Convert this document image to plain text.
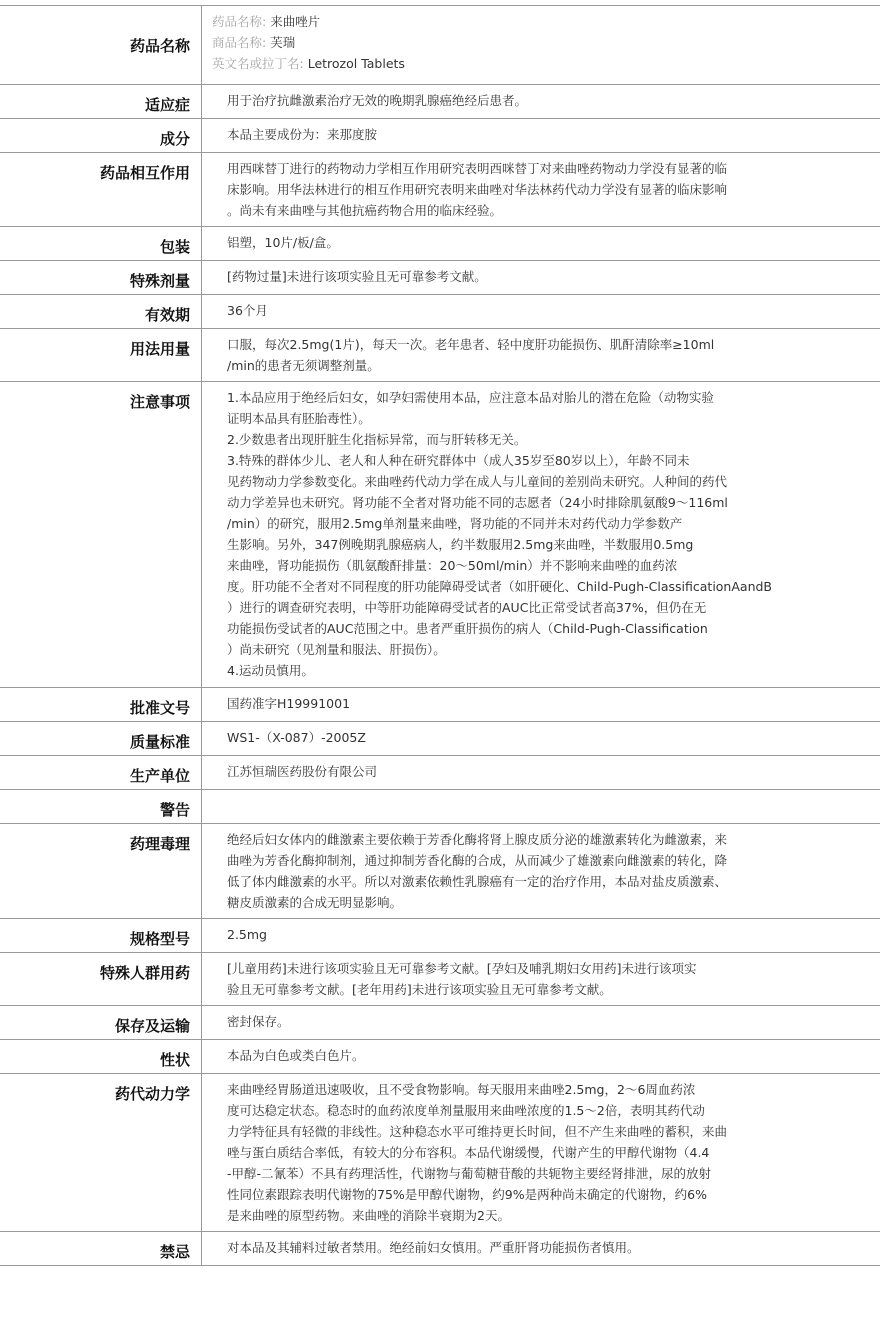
药品名称
药品名称: 来曲唑片
商品名称: 芙瑞
英文名或拉丁名: Letrozol Tablets
适应症	用于治疗抗雌激素治疗无效的晚期乳腺癌绝经后患者。
成分	本品主要成份为：来那度胺
药品相互作用	用西咪替丁进行的药物动力学相互作用研究表明西咪替丁对来曲唑药物动力学没有显著的临
床影响。用华法林进行的相互作用研究表明来曲唑对华法林药代动力学没有显著的临床影响
。尚未有来曲唑与其他抗癌药物合用的临床经验。
包装	铝塑，10片/板/盒。
特殊剂量	[药物过量]未进行该项实验且无可靠参考文献。
有效期	36个月
用法用量	口服，每次2.5mg(1片)，每天一次。老年患者、轻中度肝功能损伤、肌酐清除率≥10ml
/min的患者无须调整剂量。
注意事项	1.本品应用于绝经后妇女，如孕妇需使用本品，应注意本品对胎儿的潜在危险（动物实验
证明本品具有胚胎毒性）。
2.少数患者出现肝脏生化指标异常，而与肝转移无关。
3.特殊的群体少儿、老人和人种在研究群体中（成人35岁至80岁以上），年龄不同未
见药物动力学参数变化。来曲唑药代动力学在成人与儿童间的差别尚未研究。人种间的药代
动力学差异也未研究。肾功能不全者对肾功能不同的志愿者（24小时排除肌氨酸9～116ml
/min）的研究，服用2.5mg单剂量来曲唑，肾功能的不同并未对药代动力学参数产
生影响。另外，347例晚期乳腺癌病人，约半数服用2.5mg来曲唑，半数服用0.5mg
来曲唑，肾功能损伤（肌氨酸酐排量：20～50ml/min）并不影响来曲唑的血药浓
度。肝功能不全者对不同程度的肝功能障碍受试者（如肝硬化、Child-Pugh-ClassificationAandB
）进行的调查研究表明，中等肝功能障碍受试者的AUC比正常受试者高37%，但仍在无
功能损伤受试者的AUC范围之中。患者严重肝损伤的病人（Child-Pugh-Classification
）尚未研究（见剂量和服法、肝损伤）。
4.运动员慎用。
批准文号	国药准字H19991001
质量标准	WS1-（X-087）-2005Z
生产单位	江苏恒瑞医药股份有限公司
警告
药理毒理	绝经后妇女体内的雌激素主要依赖于芳香化酶将肾上腺皮质分泌的雄激素转化为雌激素，来
曲唑为芳香化酶抑制剂，通过抑制芳香化酶的合成，从而减少了雄激素向雌激素的转化，降
低了体内雌激素的水平。所以对激素依赖性乳腺癌有一定的治疗作用，本品对盐皮质激素、
糖皮质激素的合成无明显影响。
规格型号	2.5mg
特殊人群用药	[儿童用药]未进行该项实验且无可靠参考文献。[孕妇及哺乳期妇女用药]未进行该项实
验且无可靠参考文献。[老年用药]未进行该项实验且无可靠参考文献。
保存及运输	密封保存。
性状	本品为白色或类白色片。
药代动力学	来曲唑经胃肠道迅速吸收，且不受食物影响。每天服用来曲唑2.5mg，2～6周血药浓
度可达稳定状态。稳态时的血药浓度单剂量服用来曲唑浓度的1.5～2倍，表明其药代动
力学特征具有轻微的非线性。这种稳态水平可维持更长时间，但不产生来曲唑的蓄积，来曲
唑与蛋白质结合率低，有较大的分布容积。本品代谢缓慢，代谢产生的甲醇代谢物（4.4
-甲醇-二氰苯）不具有药理活性，代谢物与葡萄糖苷酸的共轭物主要经肾排泄，尿的放射
性同位素跟踪表明代谢物的75%是甲醇代谢物，约9%是两种尚未确定的代谢物，约6%
是来曲唑的原型药物。来曲唑的消除半衰期为2天。
禁忌	对本品及其辅料过敏者禁用。绝经前妇女慎用。严重肝肾功能损伤者慎用。
